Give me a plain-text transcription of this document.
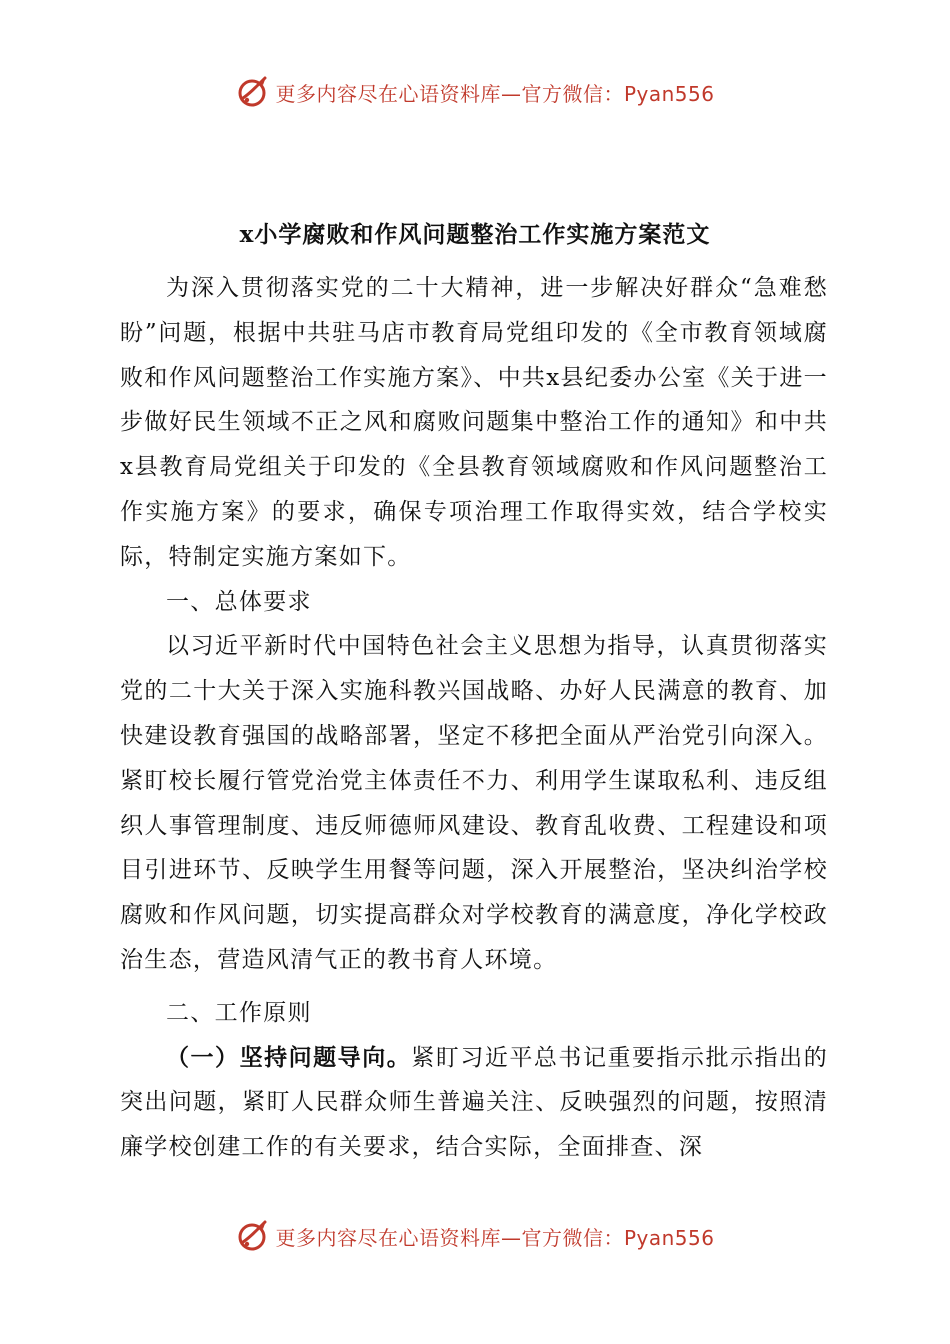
更多内容尽在心语资料库—官方微信：Pyan556
x小学腐败和作风问题整治工作实施方案范文

为深入贯彻落实党的二十大精神，进一步解决好群众“急难愁盼”问题，根据中共驻马店市教育局党组印发的《全市教育领域腐败和作风问题整治工作实施方案》、中共x县纪委办公室《关于进一步做好民生领域不正之风和腐败问题集中整治工作的通知》和中共x县教育局党组关于印发的《全县教育领域腐败和作风问题整治工作实施方案》的要求，确保专项治理工作取得实效，结合学校实际，特制定实施方案如下。

一、总体要求

以习近平新时代中国特色社会主义思想为指导，认真贯彻落实党的二十大关于深入实施科教兴国战略、办好人民满意的教育、加快建设教育强国的战略部署，坚定不移把全面从严治党引向深入。紧盯校长履行管党治党主体责任不力、利用学生谋取私利、违反组织人事管理制度、违反师德师风建设、教育乱收费、工程建设和项目引进环节、反映学生用餐等问题，深入开展整治，坚决纠治学校腐败和作风问题，切实提高群众对学校教育的满意度，净化学校政治生态，营造风清气正的教书育人环境。

二、工作原则

（一）坚持问题导向。紧盯习近平总书记重要指示批示指出的突出问题，紧盯人民群众师生普遍关注、反映强烈的问题，按照清廉学校创建工作的有关要求，结合实际，全面排查、深

更多内容尽在心语资料库—官方微信：Pyan556
